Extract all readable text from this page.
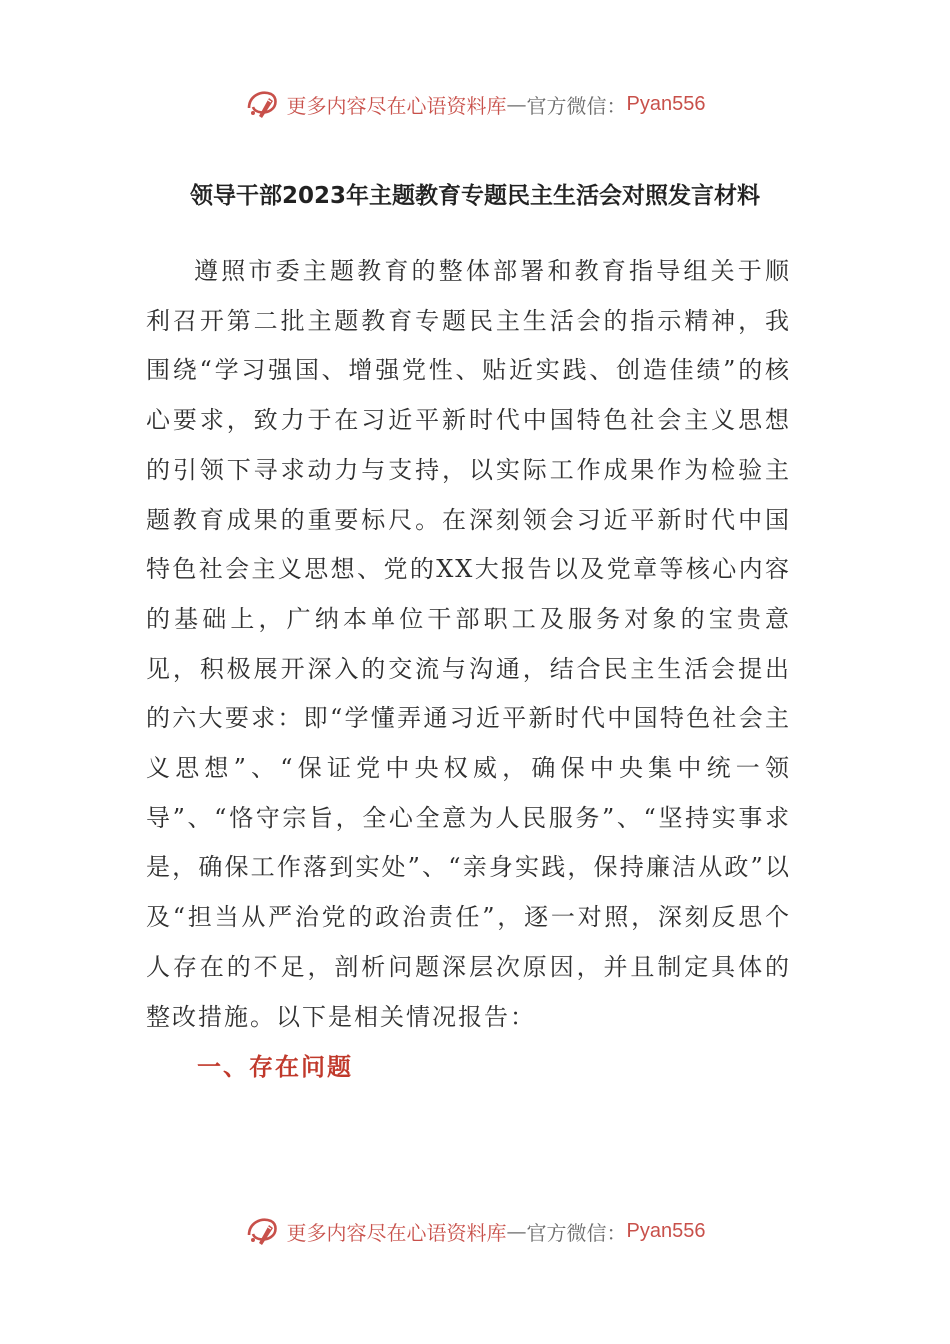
更多内容尽在心语资料库 — 官方微信： Pyan556
领导干部2023年主题教育专题民主生活会对照发言材料

遵照市委主题教育的整体部署和教育指导组关于顺利召开第二批主题教育专题民主生活会的指示精神，我围绕“学习强国、增强党性、贴近实践、创造佳绩”的核心要求，致力于在习近平新时代中国特色社会主义思想的引领下寻求动力与支持，以实际工作成果作为检验主题教育成果的重要标尺。在深刻领会习近平新时代中国特色社会主义思想、党的XX大报告以及党章等核心内容的基础上，广纳本单位干部职工及服务对象的宝贵意见，积极展开深入的交流与沟通，结合民主生活会提出的六大要求：即“学懂弄通习近平新时代中国特色社会主义思想”、“保证党中央权威，确保中央集中统一领导”、“恪守宗旨，全心全意为人民服务”、“坚持实事求是，确保工作落到实处”、“亲身实践，保持廉洁从政”以及“担当从严治党的政治责任”，逐一对照，深刻反思个人存在的不足，剖析问题深层次原因，并且制定具体的整改措施。以下是相关情况报告：

一、存在问题
更多内容尽在心语资料库 — 官方微信： Pyan556
